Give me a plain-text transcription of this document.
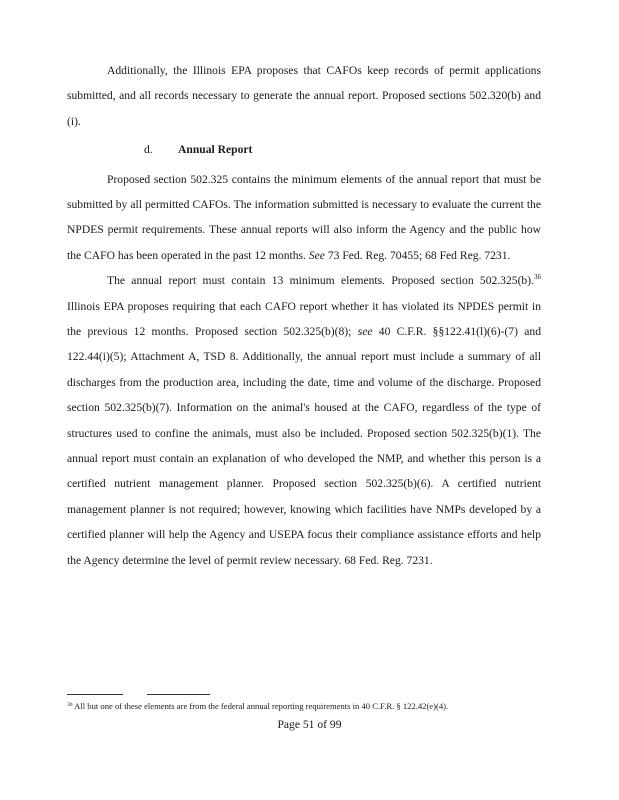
Additionally, the Illinois EPA proposes that CAFOs keep records of permit applications submitted, and all records necessary to generate the annual report. Proposed sections 502.320(b) and (i).

d. Annual Report

Proposed section 502.325 contains the minimum elements of the annual report that must be submitted by all permitted CAFOs. The information submitted is necessary to evaluate the current the NPDES permit requirements. These annual reports will also inform the Agency and the public how the CAFO has been operated in the past 12 months. See 73 Fed. Reg. 70455; 68 Fed Reg. 7231.

The annual report must contain 13 minimum elements. Proposed section 502.325(b).$^{36}$ Illinois EPA proposes requiring that each CAFO report whether it has violated its NPDES permit in the previous 12 months. Proposed section 502.325(b)(8); see 40 C.F.R. §§122.41(l)(6)-(7) and 122.44(i)(5); Attachment A, TSD 8. Additionally, the annual report must include a summary of all discharges from the production area, including the date, time and volume of the discharge. Proposed section 502.325(b)(7). Information on the animal's housed at the CAFO, regardless of the type of structures used to confine the animals, must also be included. Proposed section 502.325(b)(1). The annual report must contain an explanation of who developed the NMP, and whether this person is a certified nutrient management planner. Proposed section 502.325(b)(6). A certified nutrient management planner is not required; however, knowing which facilities have NMPs developed by a certified planner will help the Agency and USEPA focus their compliance assistance efforts and help the Agency determine the level of permit review necessary. 68 Fed. Reg. 7231.

$^{36}$ All but one of these elements are from the federal annual reporting requirements in 40 C.F.R. § 122.42(e)(4).
Page 51 of 99
